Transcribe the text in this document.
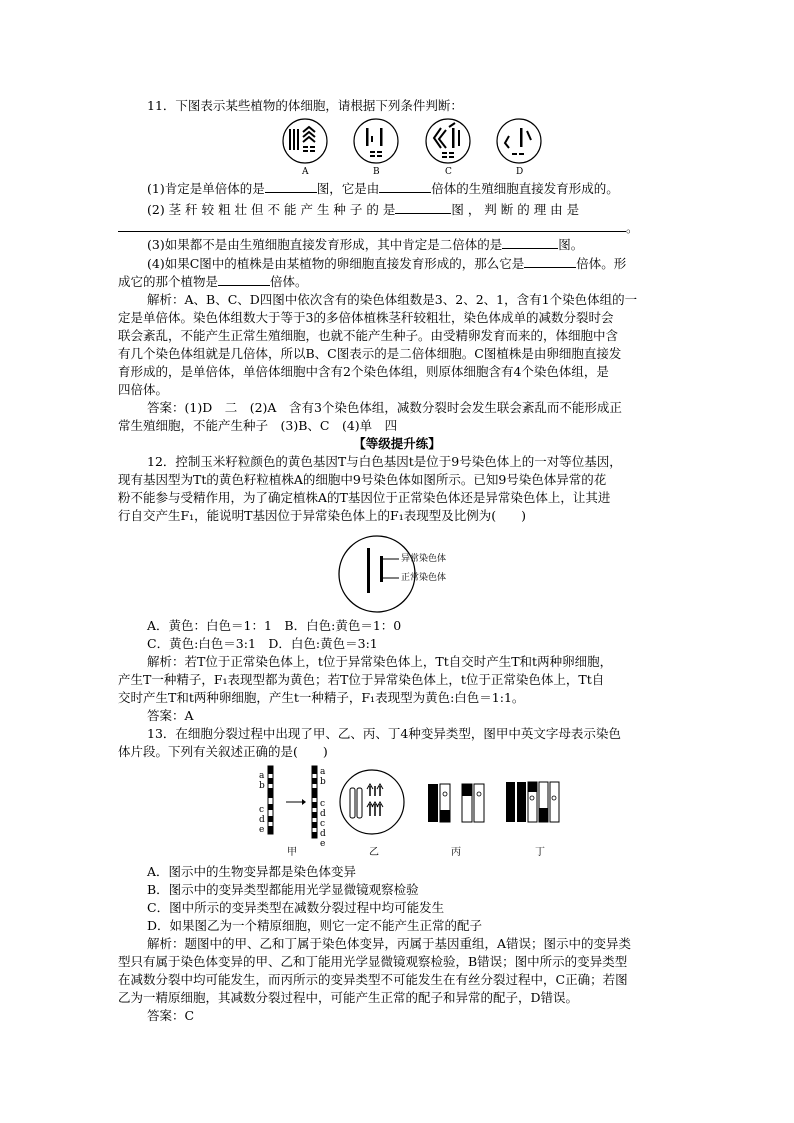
11．下图表示某些植物的体细胞，请根据下列条件判断：
A	B	C	D
(1)肯定是单倍体的是	图，它是由	倍体的生殖细胞直接发育形成的。
(2) 茎 秆 较 粗 壮 但 不 能 产 生 种 子 的 是	图 ， 判 断 的 理 由 是
。
(3)如果都不是由生殖细胞直接发育形成，其中肯定是二倍体的是	图。
(4)如果C图中的植株是由某植物的卵细胞直接发育形成的，那么它是	倍体。形
成它的那个植物是	倍体。
解析：A、B、C、D四图中依次含有的染色体组数是3、2、2、1，含有1个染色体组的一
定是单倍体。染色体组数大于等于3的多倍体植株茎秆较粗壮，染色体成单的减数分裂时会
联会紊乱，不能产生正常生殖细胞，也就不能产生种子。由受精卵发育而来的，体细胞中含
有几个染色体组就是几倍体，所以B、C图表示的是二倍体细胞。C图植株是由卵细胞直接发
育形成的，是单倍体，单倍体细胞中含有2个染色体组，则原体细胞含有4个染色体组，是
四倍体。
答案：(1)D　二　(2)A　含有3个染色体组，减数分裂时会发生联会紊乱而不能形成正
常生殖细胞，不能产生种子　(3)B、C　(4)单　四
【等级提升练】
12．控制玉米籽粒颜色的黄色基因T与白色基因t是位于9号染色体上的一对等位基因，
现有基因型为Tt的黄色籽粒植株A的细胞中9号染色体如图所示。已知9号染色体异常的花
粉不能参与受精作用，为了确定植株A的T基因位于正常染色体还是异常染色体上，让其进
行自交产生F₁，能说明T基因位于异常染色体上的F₁表现型及比例为(　　)
异常染色体
正常染色体
A．黄色：白色＝1：1　B．白色:黄色＝1：0
C．黄色:白色＝3:1　D．白色:黄色＝3:1
解析：若T位于正常染色体上，t位于异常染色体上，Tt自交时产生T和t两种卵细胞，
产生T一种精子，F₁表现型都为黄色；若T位于异常染色体上，t位于正常染色体上，Tt自
交时产生T和t两种卵细胞，产生t一种精子，F₁表现型为黄色:白色＝1:1。
答案：A
13．在细胞分裂过程中出现了甲、乙、丙、丁4种变异类型，图甲中英文字母表示染色
体片段。下列有关叙述正确的是(　　)
a
b
c
d
e
a
b
c
d
c
d
e
甲	乙	丙	丁
A．图示中的生物变异都是染色体变异
B．图示中的变异类型都能用光学显微镜观察检验
C．图中所示的变异类型在减数分裂过程中均可能发生
D．如果图乙为一个精原细胞，则它一定不能产生正常的配子
解析：题图中的甲、乙和丁属于染色体变异，丙属于基因重组，A错误；图示中的变异类
型只有属于染色体变异的甲、乙和丁能用光学显微镜观察检验，B错误；图中所示的变异类型
在减数分裂中均可能发生，而丙所示的变异类型不可能发生在有丝分裂过程中，C正确；若图
乙为一精原细胞，其减数分裂过程中，可能产生正常的配子和异常的配子，D错误。
答案：C
